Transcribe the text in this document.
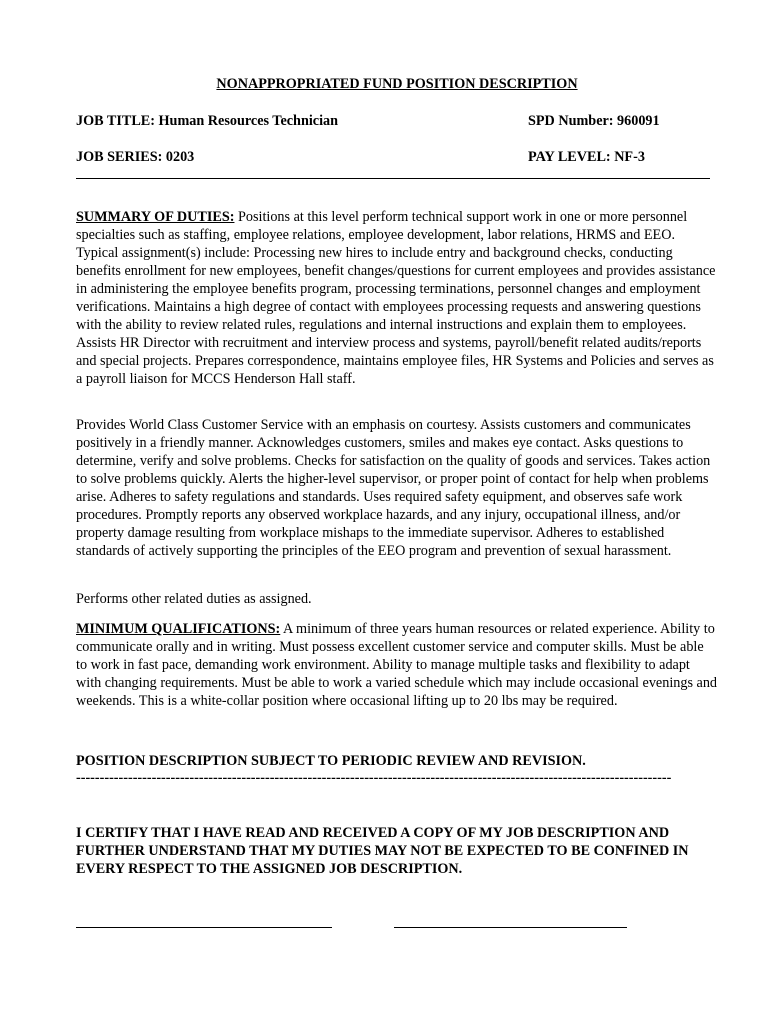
NONAPPROPRIATED FUND POSITION DESCRIPTION
JOB TITLE: Human Resources Technician	SPD Number: 960091
JOB SERIES: 0203	PAY LEVEL: NF-3

SUMMARY OF DUTIES: Positions at this level perform technical support work in one or more personnel specialties such as staffing, employee relations, employee development, labor relations, HRMS and EEO. Typical assignment(s) include: Processing new hires to include entry and background checks, conducting benefits enrollment for new employees, benefit changes/questions for current employees and provides assistance in administering the employee benefits program, processing terminations, personnel changes and employment verifications. Maintains a high degree of contact with employees processing requests and answering questions with the ability to review related rules, regulations and internal instructions and explain them to employees. Assists HR Director with recruitment and interview process and systems, payroll/benefit related audits/reports and special projects. Prepares correspondence, maintains employee files, HR Systems and Policies and serves as a payroll liaison for MCCS Henderson Hall staff.

Provides World Class Customer Service with an emphasis on courtesy. Assists customers and communicates positively in a friendly manner. Acknowledges customers, smiles and makes eye contact. Asks questions to determine, verify and solve problems. Checks for satisfaction on the quality of goods and services. Takes action to solve problems quickly. Alerts the higher-level supervisor, or proper point of contact for help when problems arise. Adheres to safety regulations and standards. Uses required safety equipment, and observes safe work procedures. Promptly reports any observed workplace hazards, and any injury, occupational illness, and/or property damage resulting from workplace mishaps to the immediate supervisor. Adheres to established standards of actively supporting the principles of the EEO program and prevention of sexual harassment.

Performs other related duties as assigned.

MINIMUM QUALIFICATIONS: A minimum of three years human resources or related experience. Ability to communicate orally and in writing. Must possess excellent customer service and computer skills. Must be able to work in fast pace, demanding work environment. Ability to manage multiple tasks and flexibility to adapt with changing requirements. Must be able to work a varied schedule which may include occasional evenings and weekends. This is a white-collar position where occasional lifting up to 20 lbs may be required.

POSITION DESCRIPTION SUBJECT TO PERIODIC REVIEW AND REVISION.
------------------------------------------------------------------------------------------------------------------------------

I CERTIFY THAT I HAVE READ AND RECEIVED A COPY OF MY JOB DESCRIPTION AND FURTHER UNDERSTAND THAT MY DUTIES MAY NOT BE EXPECTED TO BE CONFINED IN EVERY RESPECT TO THE ASSIGNED JOB DESCRIPTION.
